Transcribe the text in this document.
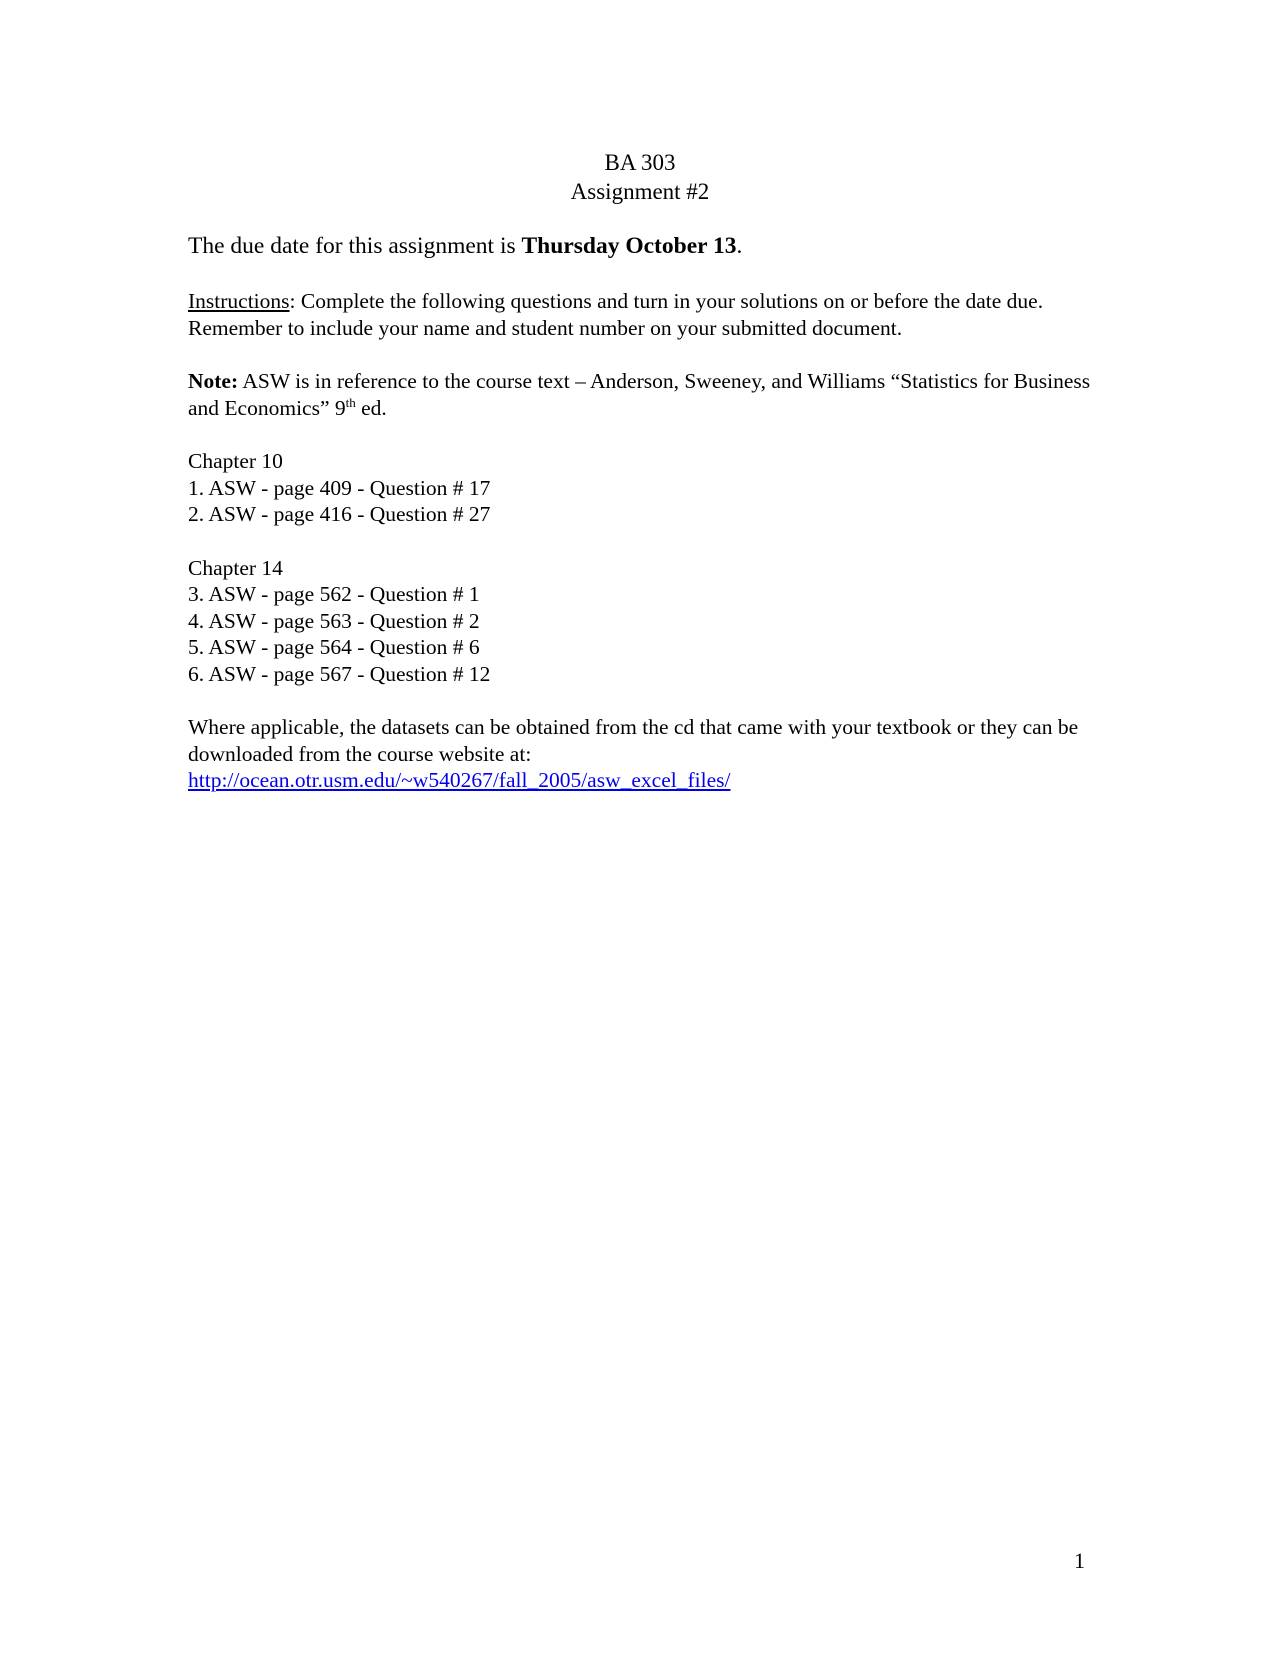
BA 303
Assignment #2
The due date for this assignment is Thursday October 13.
Instructions: Complete the following questions and turn in your solutions on or before the date due. Remember to include your name and student number on your submitted document.
Note: ASW is in reference to the course text – Anderson, Sweeney, and Williams “Statistics for Business and Economics” 9th ed.
Chapter 10
1. ASW - page 409 - Question # 17
2. ASW - page 416 - Question # 27
Chapter 14
3. ASW - page 562 - Question # 1
4. ASW - page 563 - Question # 2
5. ASW - page 564 - Question # 6
6. ASW - page 567 - Question # 12
Where applicable, the datasets can be obtained from the cd that came with your textbook or they can be downloaded from the course website at:
http://ocean.otr.usm.edu/~w540267/fall_2005/asw_excel_files/
1
